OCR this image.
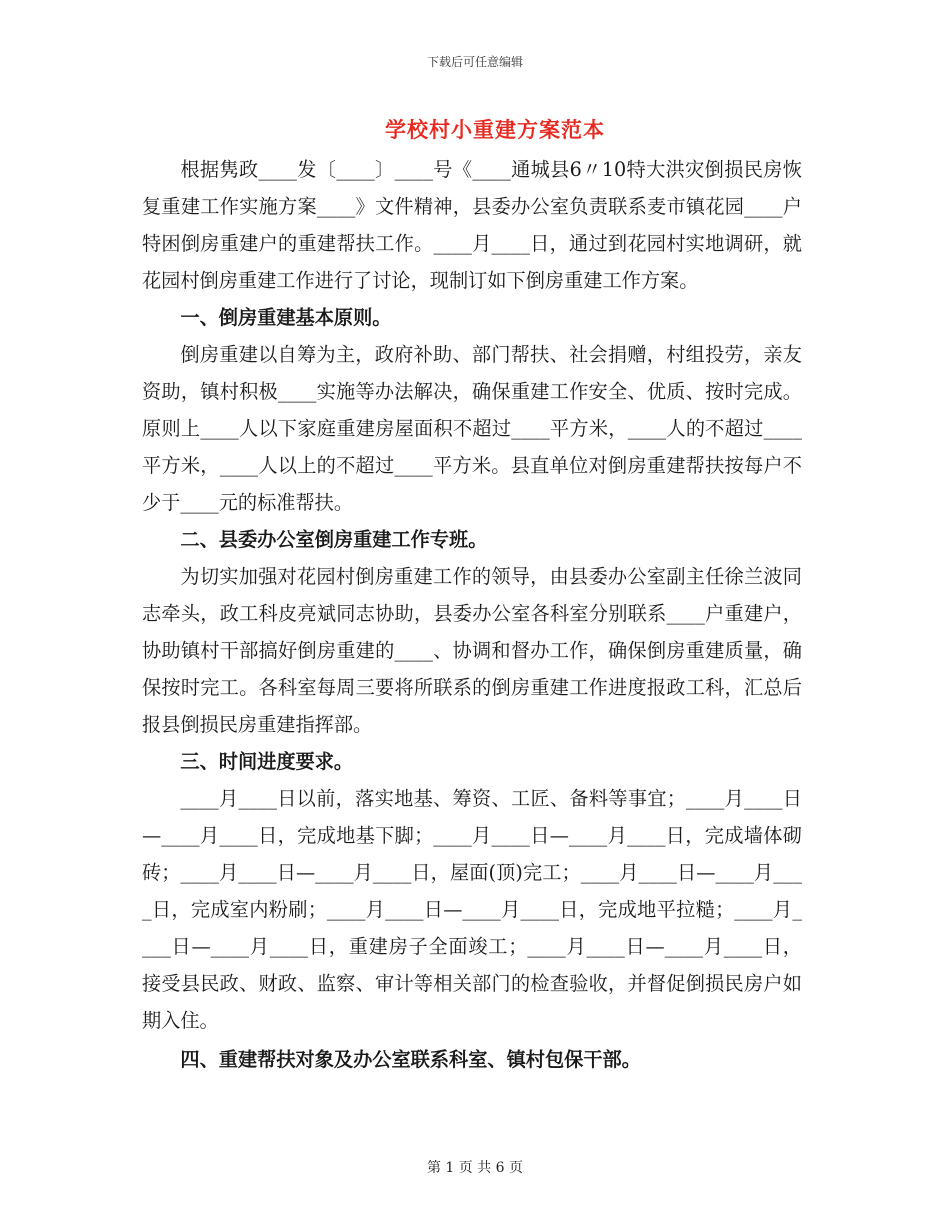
下载后可任意编辑
学校村小重建方案范本

根据隽政____发〔____〕____号《____通城县6〃10特大洪灾倒损民房恢复重建工作实施方案____》文件精神，县委办公室负责联系麦市镇花园____户特困倒房重建户的重建帮扶工作。____月____日，通过到花园村实地调研，就花园村倒房重建工作进行了讨论，现制订如下倒房重建工作方案。

一、倒房重建基本原则。

倒房重建以自筹为主，政府补助、部门帮扶、社会捐赠，村组投劳，亲友资助，镇村积极____实施等办法解决，确保重建工作安全、优质、按时完成。原则上____人以下家庭重建房屋面积不超过____平方米，____人的不超过____平方米，____人以上的不超过____平方米。县直单位对倒房重建帮扶按每户不少于____元的标准帮扶。

二、县委办公室倒房重建工作专班。

为切实加强对花园村倒房重建工作的领导，由县委办公室副主任徐兰波同志牵头，政工科皮亮斌同志协助，县委办公室各科室分别联系____户重建户，协助镇村干部搞好倒房重建的____、协调和督办工作，确保倒房重建质量，确保按时完工。各科室每周三要将所联系的倒房重建工作进度报政工科，汇总后报县倒损民房重建指挥部。

三、时间进度要求。

____月____日以前，落实地基、筹资、工匠、备料等事宜；____月____日—____月____日，完成地基下脚；____月____日—____月____日，完成墙体砌砖；____月____日—____月____日，屋面(顶)完工；____月____日—____月____日，完成室内粉刷；____月____日—____月____日，完成地平拉糙；____月____日—____月____日，重建房子全面竣工；____月____日—____月____日，接受县民政、财政、监察、审计等相关部门的检查验收，并督促倒损民房户如期入住。

四、重建帮扶对象及办公室联系科室、镇村包保干部。

第 1 页 共 6 页
